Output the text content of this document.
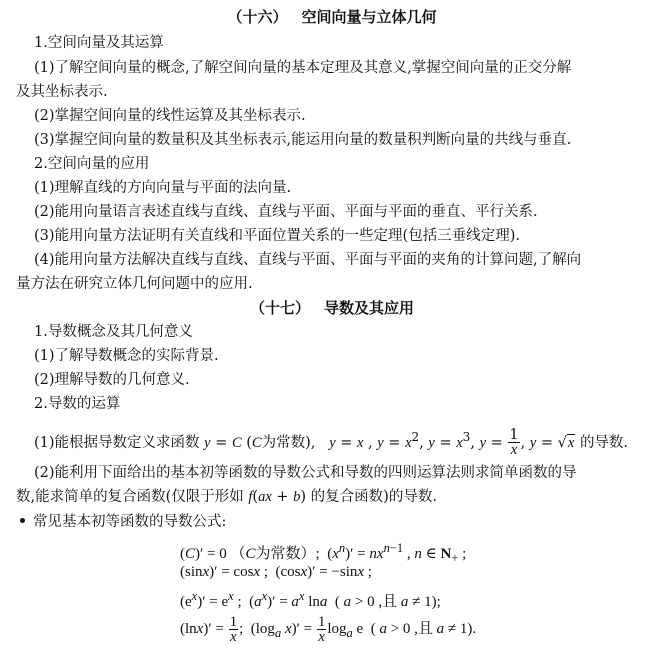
（十六） 空间向量与立体几何
1.空间向量及其运算
(1)了解空间向量的概念,了解空间向量的基本定理及其意义,掌握空间向量的正交分解
及其坐标表示.
(2)掌握空间向量的线性运算及其坐标表示.
(3)掌握空间向量的数量积及其坐标表示,能运用向量的数量积判断向量的共线与垂直.
2.空间向量的应用
(1)理解直线的方向向量与平面的法向量.
(2)能用向量语言表述直线与直线、直线与平面、平面与平面的垂直、平行关系.
(3)能用向量方法证明有关直线和平面位置关系的一些定理(包括三垂线定理).
(4)能用向量方法解决直线与直线、直线与平面、平面与平面的夹角的计算问题,了解向
量方法在研究立体几何问题中的应用.
（十七） 导数及其应用
1.导数概念及其几何意义
(1)了解导数概念的实际背景.
(2)理解导数的几何意义.
2.导数的运算
(1)能根据导数定义求函数 y = C (C为常数),   y = x , $y = x^2$, $y = x^3$, $y = \frac{1}{x}$ , y = √x 的导数.
(2)能利用下面给出的基本初等函数的导数公式和导数的四则运算法则求简单函数的导
数,能求简单的复合函数(仅限于形如 f(ax + b) 的复合函数)的导数.
常见基本初等函数的导数公式:
(C)′ = 0 （C为常数）;  $(x^n)' = nx^{n-1}$ , n ∈ $N_+$ ;
(sinx)′ = cosx ;  (cosx)′ = −sinx ;
$(e^x)' = e^x$ ;  $(a^x)' = a^x$ lna  ( a > 0 ,且 a ≠ 1);
$(\ln x)' = \frac{1}{x}$ ;  ($\log_a$ $x)' = \frac{1}{x} \log_a e$  ( a > 0 ,且 a ≠ 1).
